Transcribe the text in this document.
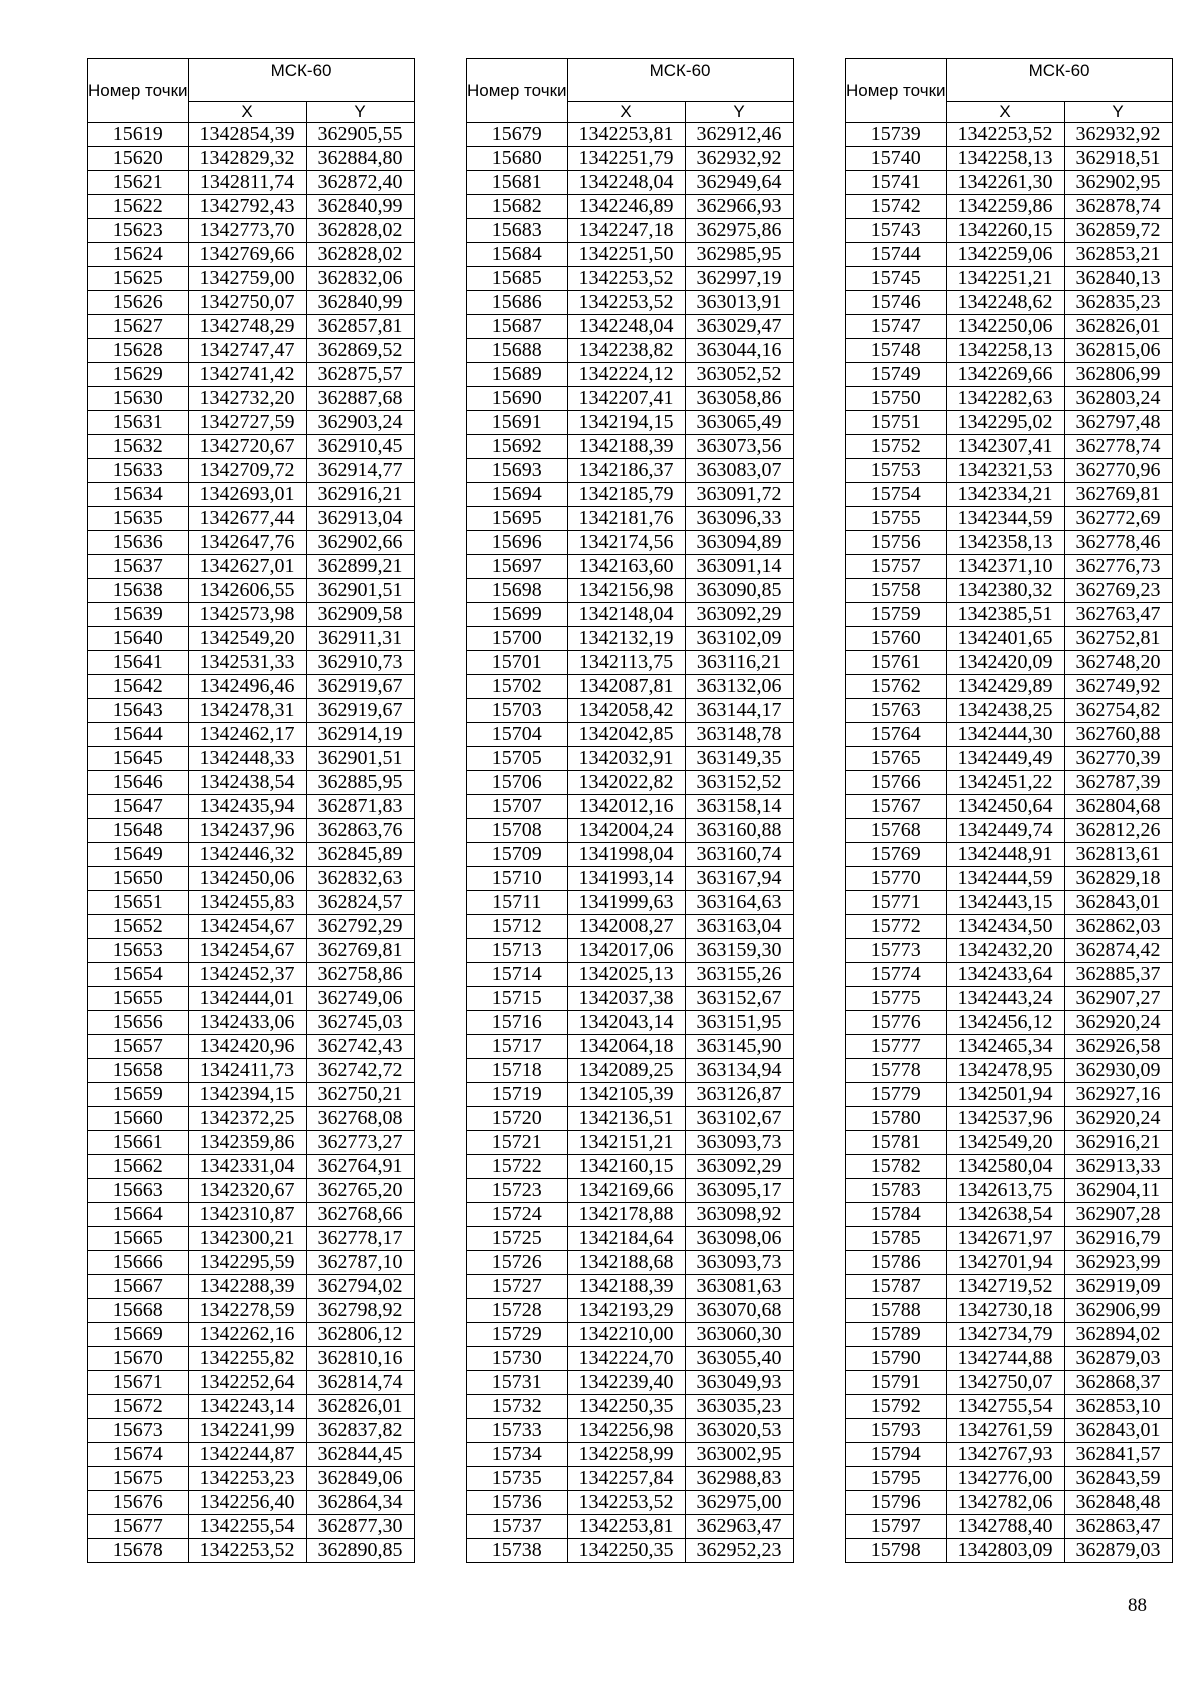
Номер точки	МСК-60	
	X	Y
15619	1342854,39	362905,55
15620	1342829,32	362884,80
15621	1342811,74	362872,40
15622	1342792,43	362840,99
15623	1342773,70	362828,02
15624	1342769,66	362828,02
15625	1342759,00	362832,06
15626	1342750,07	362840,99
15627	1342748,29	362857,81
15628	1342747,47	362869,52
15629	1342741,42	362875,57
15630	1342732,20	362887,68
15631	1342727,59	362903,24
15632	1342720,67	362910,45
15633	1342709,72	362914,77
15634	1342693,01	362916,21
15635	1342677,44	362913,04
15636	1342647,76	362902,66
15637	1342627,01	362899,21
15638	1342606,55	362901,51
15639	1342573,98	362909,58
15640	1342549,20	362911,31
15641	1342531,33	362910,73
15642	1342496,46	362919,67
15643	1342478,31	362919,67
15644	1342462,17	362914,19
15645	1342448,33	362901,51
15646	1342438,54	362885,95
15647	1342435,94	362871,83
15648	1342437,96	362863,76
15649	1342446,32	362845,89
15650	1342450,06	362832,63
15651	1342455,83	362824,57
15652	1342454,67	362792,29
15653	1342454,67	362769,81
15654	1342452,37	362758,86
15655	1342444,01	362749,06
15656	1342433,06	362745,03
15657	1342420,96	362742,43
15658	1342411,73	362742,72
15659	1342394,15	362750,21
15660	1342372,25	362768,08
15661	1342359,86	362773,27
15662	1342331,04	362764,91
15663	1342320,67	362765,20
15664	1342310,87	362768,66
15665	1342300,21	362778,17
15666	1342295,59	362787,10
15667	1342288,39	362794,02
15668	1342278,59	362798,92
15669	1342262,16	362806,12
15670	1342255,82	362810,16
15671	1342252,64	362814,74
15672	1342243,14	362826,01
15673	1342241,99	362837,82
15674	1342244,87	362844,45
15675	1342253,23	362849,06
15676	1342256,40	362864,34
15677	1342255,54	362877,30
15678	1342253,52	362890,85
Номер точки	МСК-60	
	X	Y
15679	1342253,81	362912,46
15680	1342251,79	362932,92
15681	1342248,04	362949,64
15682	1342246,89	362966,93
15683	1342247,18	362975,86
15684	1342251,50	362985,95
15685	1342253,52	362997,19
15686	1342253,52	363013,91
15687	1342248,04	363029,47
15688	1342238,82	363044,16
15689	1342224,12	363052,52
15690	1342207,41	363058,86
15691	1342194,15	363065,49
15692	1342188,39	363073,56
15693	1342186,37	363083,07
15694	1342185,79	363091,72
15695	1342181,76	363096,33
15696	1342174,56	363094,89
15697	1342163,60	363091,14
15698	1342156,98	363090,85
15699	1342148,04	363092,29
15700	1342132,19	363102,09
15701	1342113,75	363116,21
15702	1342087,81	363132,06
15703	1342058,42	363144,17
15704	1342042,85	363148,78
15705	1342032,91	363149,35
15706	1342022,82	363152,52
15707	1342012,16	363158,14
15708	1342004,24	363160,88
15709	1341998,04	363160,74
15710	1341993,14	363167,94
15711	1341999,63	363164,63
15712	1342008,27	363163,04
15713	1342017,06	363159,30
15714	1342025,13	363155,26
15715	1342037,38	363152,67
15716	1342043,14	363151,95
15717	1342064,18	363145,90
15718	1342089,25	363134,94
15719	1342105,39	363126,87
15720	1342136,51	363102,67
15721	1342151,21	363093,73
15722	1342160,15	363092,29
15723	1342169,66	363095,17
15724	1342178,88	363098,92
15725	1342184,64	363098,06
15726	1342188,68	363093,73
15727	1342188,39	363081,63
15728	1342193,29	363070,68
15729	1342210,00	363060,30
15730	1342224,70	363055,40
15731	1342239,40	363049,93
15732	1342250,35	363035,23
15733	1342256,98	363020,53
15734	1342258,99	363002,95
15735	1342257,84	362988,83
15736	1342253,52	362975,00
15737	1342253,81	362963,47
15738	1342250,35	362952,23
Номер точки	МСК-60	
	X	Y
15739	1342253,52	362932,92
15740	1342258,13	362918,51
15741	1342261,30	362902,95
15742	1342259,86	362878,74
15743	1342260,15	362859,72
15744	1342259,06	362853,21
15745	1342251,21	362840,13
15746	1342248,62	362835,23
15747	1342250,06	362826,01
15748	1342258,13	362815,06
15749	1342269,66	362806,99
15750	1342282,63	362803,24
15751	1342295,02	362797,48
15752	1342307,41	362778,74
15753	1342321,53	362770,96
15754	1342334,21	362769,81
15755	1342344,59	362772,69
15756	1342358,13	362778,46
15757	1342371,10	362776,73
15758	1342380,32	362769,23
15759	1342385,51	362763,47
15760	1342401,65	362752,81
15761	1342420,09	362748,20
15762	1342429,89	362749,92
15763	1342438,25	362754,82
15764	1342444,30	362760,88
15765	1342449,49	362770,39
15766	1342451,22	362787,39
15767	1342450,64	362804,68
15768	1342449,74	362812,26
15769	1342448,91	362813,61
15770	1342444,59	362829,18
15771	1342443,15	362843,01
15772	1342434,50	362862,03
15773	1342432,20	362874,42
15774	1342433,64	362885,37
15775	1342443,24	362907,27
15776	1342456,12	362920,24
15777	1342465,34	362926,58
15778	1342478,95	362930,09
15779	1342501,94	362927,16
15780	1342537,96	362920,24
15781	1342549,20	362916,21
15782	1342580,04	362913,33
15783	1342613,75	362904,11
15784	1342638,54	362907,28
15785	1342671,97	362916,79
15786	1342701,94	362923,99
15787	1342719,52	362919,09
15788	1342730,18	362906,99
15789	1342734,79	362894,02
15790	1342744,88	362879,03
15791	1342750,07	362868,37
15792	1342755,54	362853,10
15793	1342761,59	362843,01
15794	1342767,93	362841,57
15795	1342776,00	362843,59
15796	1342782,06	362848,48
15797	1342788,40	362863,47
15798	1342803,09	362879,03
88
